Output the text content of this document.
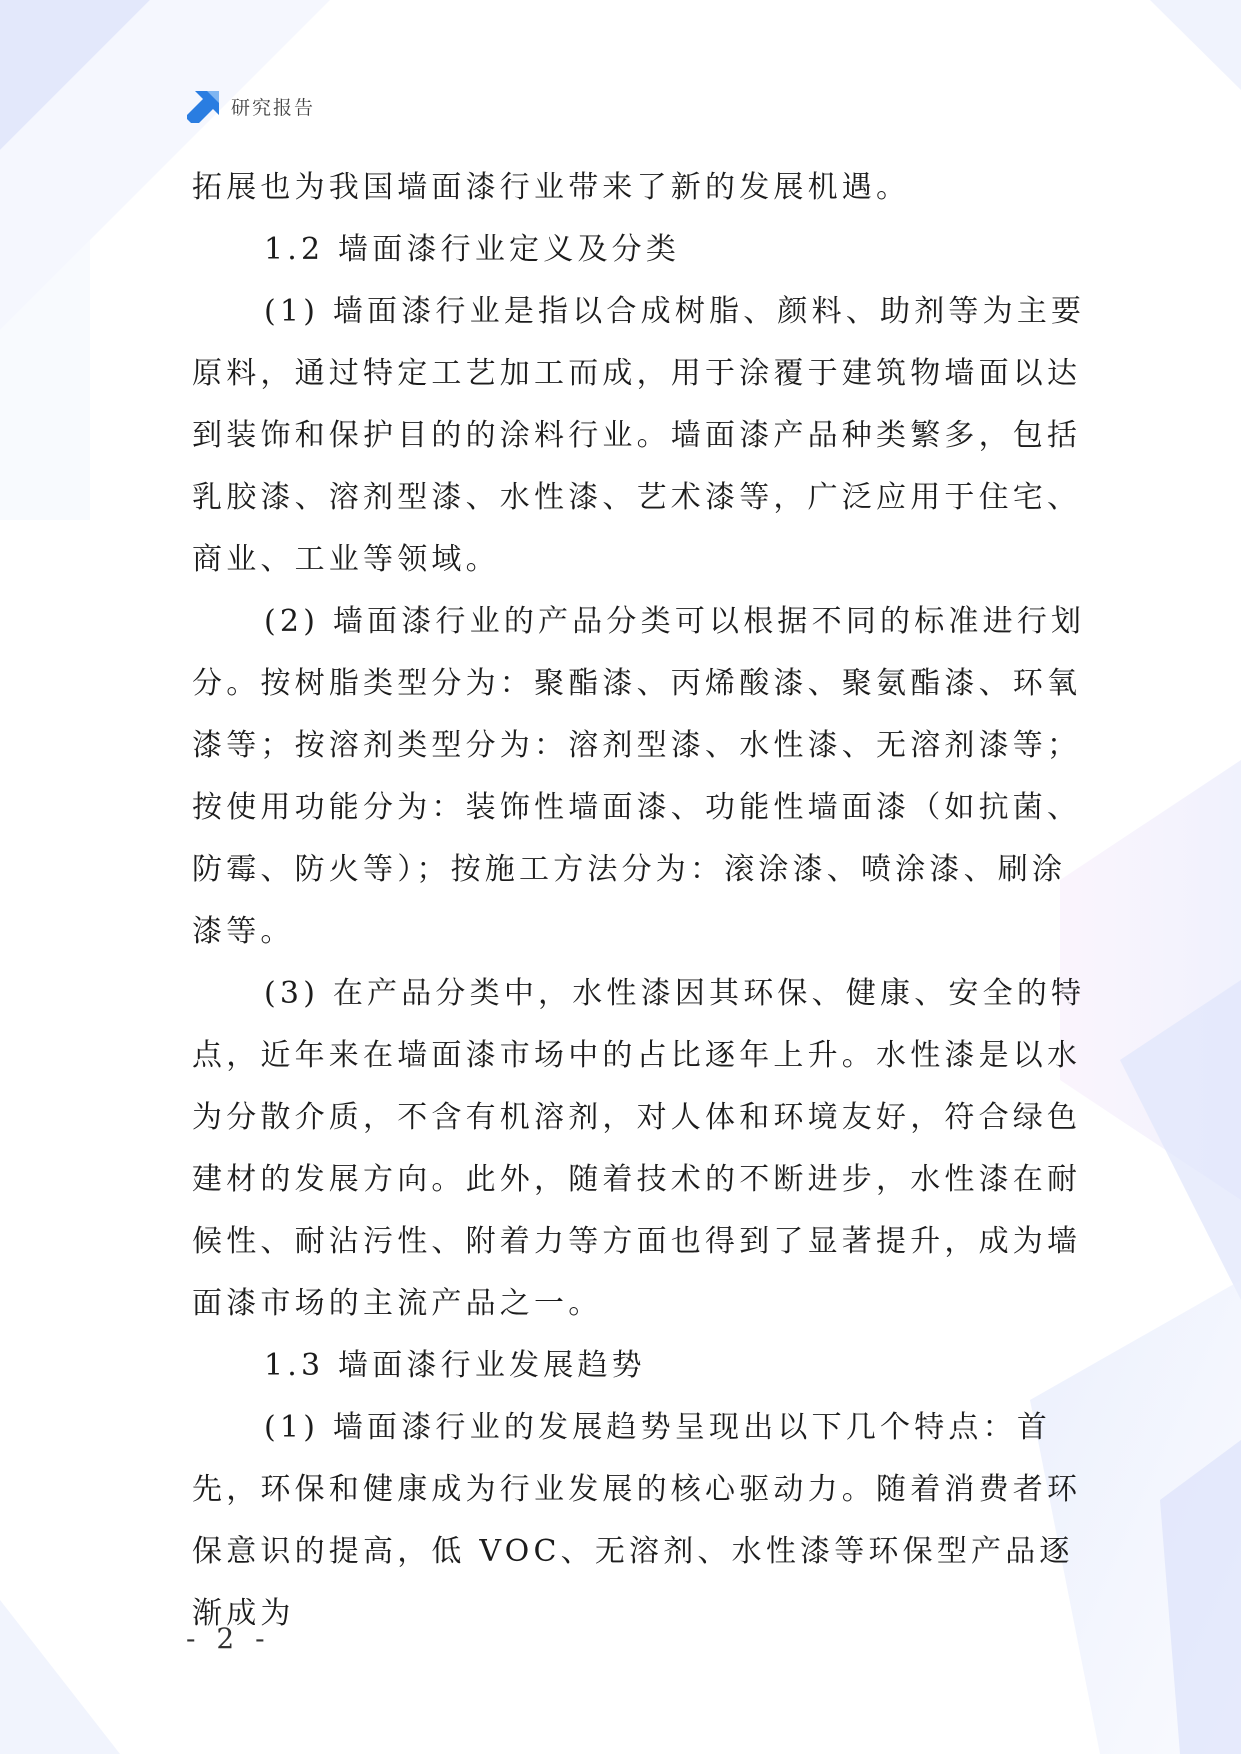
研究报告

拓展也为我国墙面漆行业带来了新的发展机遇。

1.2 墙面漆行业定义及分类

(1) 墙面漆行业是指以合成树脂、颜料、助剂等为主要原料，通过特定工艺加工而成，用于涂覆于建筑物墙面以达到装饰和保护目的的涂料行业。墙面漆产品种类繁多，包括乳胶漆、溶剂型漆、水性漆、艺术漆等，广泛应用于住宅、商业、工业等领域。

(2) 墙面漆行业的产品分类可以根据不同的标准进行划分。按树脂类型分为：聚酯漆、丙烯酸漆、聚氨酯漆、环氧漆等；按溶剂类型分为：溶剂型漆、水性漆、无溶剂漆等；按使用功能分为：装饰性墙面漆、功能性墙面漆（如抗菌、防霉、防火等）；按施工方法分为：滚涂漆、喷涂漆、刷涂漆等。

(3) 在产品分类中，水性漆因其环保、健康、安全的特点，近年来在墙面漆市场中的占比逐年上升。水性漆是以水为分散介质，不含有机溶剂，对人体和环境友好，符合绿色建材的发展方向。此外，随着技术的不断进步，水性漆在耐候性、耐沾污性、附着力等方面也得到了显著提升，成为墙面漆市场的主流产品之一。

1.3 墙面漆行业发展趋势

(1) 墙面漆行业的发展趋势呈现出以下几个特点：首先，环保和健康成为行业发展的核心驱动力。随着消费者环保意识的提高，低 VOC、无溶剂、水性漆等环保型产品逐渐成为

- 2 -
